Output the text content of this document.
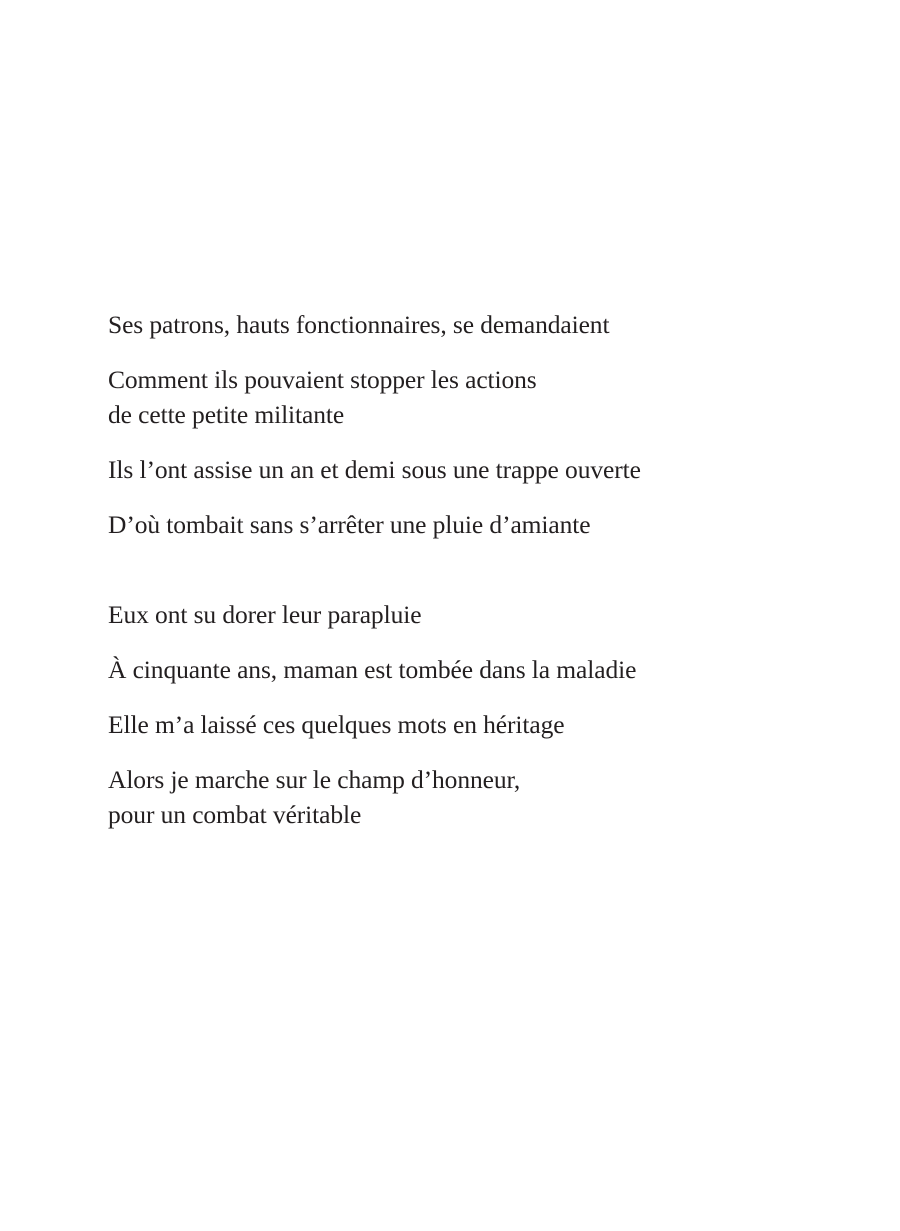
Ses patrons, hauts fonctionnaires, se demandaient

Comment ils pouvaient stopper les actions
de cette petite militante

Ils l’ont assise un an et demi sous une trappe ouverte

D’où tombait sans s’arrêter une pluie d’amiante

Eux ont su dorer leur parapluie

À cinquante ans, maman est tombée dans la maladie

Elle m’a laissé ces quelques mots en héritage

Alors je marche sur le champ d’honneur,
pour un combat véritable
